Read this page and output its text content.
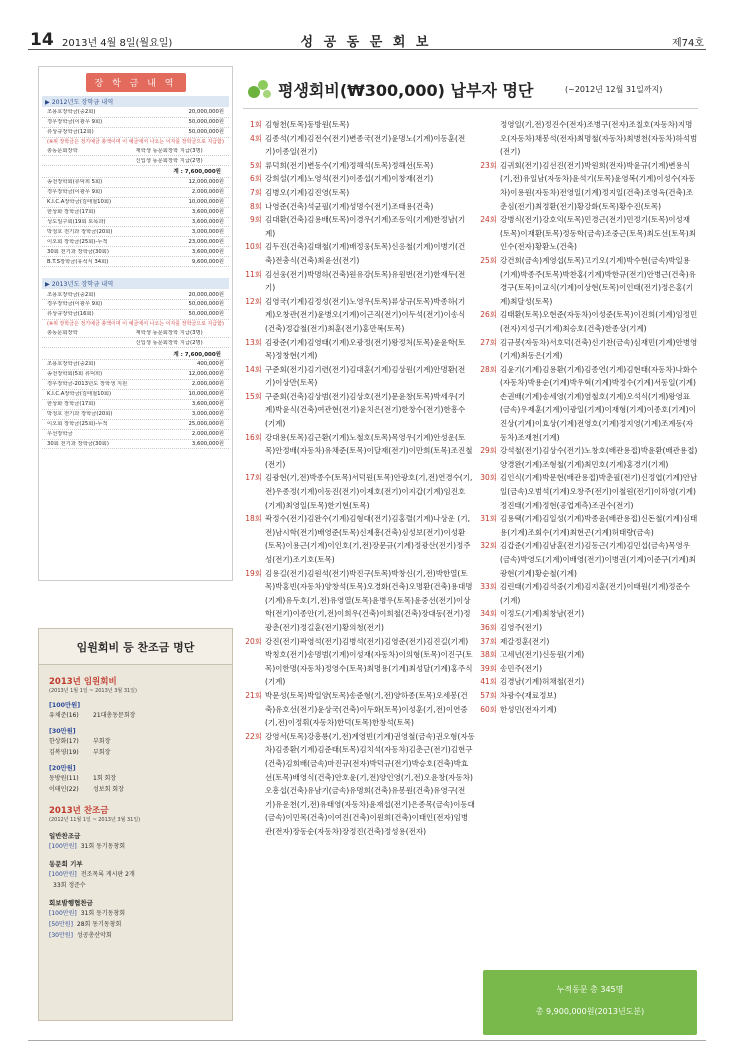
14 2013년 4월 8일(월요일)	성 공 동 문 회 보	제74호
장 학 금 내 역
▶ 2012년도 장학금 내역
조용호장학금(중2회)	20,000,000원
경우장학금(이광우 9회)	50,000,000원
류상규장학금(12회)	50,000,000원
(※위 장학금은 정기예금 총액이며 이 예금에서 나오는 이자를 장학금으로 지급함)
총동문회장학	재학생 동문회장학 지급(3명)
신입생 동문회장학 지급(2명)
계 : 7,600,000원
송천장학회(류덕희 5회)	12,000,000원
경우장학금(이광우 9회)	2,000,000원
K.I.C.A장학금(김태철10회)	10,000,000원
한상화 장학금(17회)	3,600,000원
성도일구회(19회 토목과)	3,600,000원
박청호 전기과 장학금(20회)	3,000,000원
이오회 장학금(25회)-누적	23,000,000원
30회 전기과 장학금(30회)	3,600,000원
B.T.S장학금(유석식 34회)	9,600,000원
▶ 2013년도 장학금 내역
조용호장학금(중2회)	20,000,000원
경우장학금(이광우 9회)	50,000,000원
류상규장학금(16회)	50,000,000원
(※위 장학금은 정기예금 총액이며 이 예금에서 나오는 이자를 장학금으로 지급함)
총동문회장학	재학생 동문회장학 지급(3명)
신입생 동문회장학 지급(2명)
계 : 7,600,000원
조용호장학금(중2회)	400,000원
송천장학회(5회 류덕희)	12,000,000원
경우장학금-2013년도 장학생 지원	2,000,000원
K.I.C.A장학금(김태철10회)	10,000,000원
한상화 장학금(17회)	3,600,000원
박청호 전기과 장학금(20회)	3,000,000원
이오회 장학금(25회)-누적	25,000,000원
우선장학금	2,000,000원
30회 전기과 장학금(30회)	3,600,000원
임원회비 등 찬조금 명단
2013년 임원회비
(2013년 1월 1일 ~ 2013년 3월 31일)
[100만원]
유채준(16)	21대총동문회장
[30만원]
한상화(17)	부회장
김복영(19)	부회장
[20만원]
동방원(11)	1회 회장
이태인(22)	성보회 회장
2013년 찬조금
(2012년 11월 1일 ~ 2013년 3월 31일)
일반찬조금
[100만원] 31회 동기동창회
동문회 기부
[100만원] 전조목록 게시판 2개
33회 정준수
회보발행협찬금
[100만원] 31회 동기동창회
[50만원] 28회 동기동창회
[30만원] 성공총산악회
평생회비(₩300,000) 납부자 명단	(~2012년 12월 31일까지)
1회 김형천(토목)동방원(토목)
4회 김종석(기계)김전수(전기)변종국(전기)윤명노(기계)이동훈(전기)이종일(전기)
5회 류덕희(전기)변동수(기계)정해석(토목)정해선(토목)
6회 강희설(기계)노영석(전기)이종섭(기계)이창재(전기)
7회 김병오(기계)김진영(토목)
8회 나영준(건축)석균필(기계)성명수(전기)조태용(건축)
9회 김대환(건축)김용배(토목)이경우(기계)조동익(기계)한정남(기계)
10회 김두진(건축)김태철(기계)배정웅(토목)신응철(기계)이병기(건축)전충식(건축)최윤선(전기)
11회 김선웅(전기)박명하(건축)원유강(토목)유원번(전기)한재두(전기)
12회 김영국(기계)김정성(전기)노영우(토목)류상규(토목)박종하(기계)오창관(전기)윤병오(기계)이근직(전기)이두석(전기)이송식(건축)정갑철(전기)최훈(전기)홍만복(토목)
13회 김광준(기계)김영태(기계)오광정(전기)왕정처(토목)윤윤학(토목)정창현(기계)
14회 구준회(전기)김기련(전기)김대훈(기계)김상원(기계)안명환(전기)이상만(토목)
15회 구준회(건축)김상범(전기)김상호(전기)문윤창(토목)박세우(기계)박윤식(건축)여관현(전기)윤치은(전기)한창수(전기)한흥수(기계)
16회 강대용(토목)김근환(기계)노철호(토목)목영우(기계)안성운(토목)안정배(자동차)유채준(토목)이달재(전기)이만희(토목)조진철(전기)
17회 김광현(기,전)박종수(토목)서덕원(토목)안광호(기,전)연경수(기,전)우종정(기계)이동진(전기)이제호(전기)이지갑(기계)임진호(기계)최영일(토목)한기현(토목)
18회 곽정수(전기)김완수(기계)김형대(전기)김홍렬(기계)나상운 (기,전)남시학(전기)배영준(토목)신제흥(건축)심성보(전기)이성환(토목)이용근(기계)이인호(기,전)장문규(기계)정광산(전기)정주성(전기)조기호(토목)
19회 김용길(전기)김원석(전기)박진구(토목)박창신(기,전)박한열(토목)박홍빈(자동차)양창석(토목)오경화(건축)오명환(건축)용대명(기계)유두호(기,전)유영열(토목)윤병우(토목)윤중선(전기)이상학(전기)이종안(기,전)이희우(건축)이희철(건축)장대동(전기)정광춘(전기)정길훈(전기)황의청(전기)
20회 강진(전기)곽영석(전기)김병석(전기)김영준(전기)김진길(기계)박칭호(전기)송명범(기계)이성재(자동차)이의형(토목)이진구(토목)이한명(자동차)정영수(토목)최명용(기계)최성달(기계)홍주식(기계)
21회 박문성(토목)박일양(토목)송준형(기,전)양하종(토목)오세봉(건축)유호선(전기)윤상국(건축)이두화(토목)이성훈(기,전)이연중(기,전)이정휘(자동차)한덕(토목)한창석(토목)
22회 강영서(토목)강흥룡(기,전)계영빈(기계)권영철(금속)권오형(자동차)김종환(기계)김준태(토목)김치석(자동차)김춘근(전기)김현구(건축)김희배(금속)마진규(전자)박덕규(전기)박승호(건축)박효선(토목)배영식(건축)안호윤(기,전)양인영(기,전)오윤창(자동차)오흥섭(건축)유남기(금속)유명희(건축)유봉원(건축)유영구(전기)유운천(기,전)유태영(자동차)윤재섭(전기)은종목(금속)이동대(금속)이민목(건축)이여진(건축)이원희(건축)이태인(전자)임병관(전자)장동순(자동차)장정진(건축)정성용(전자)
정영일(기,전)정진수(전자)조병구(전자)조칠호(자동차)지명오(자동차)채봉석(전자)최명철(자동차)최병천(자동차)하석범(전기)
23회 김귀회(전기)김선진(전기)박원희(전자)박윤규(기계)변용식(기,전)유일남(자동차)윤석기(토목)윤영복(기계)이성수(자동차)이용원(자동차)전영일(기계)정지일(건축)조영옥(건축)조춘심(전기)최정환(전기)황강화(토목)황수진(토목)
24회 강병식(전기)강호익(토목)민경근(전기)민정기(토목)이성재(토목)이재환(토목)정동학(금속)조중근(토목)최도선(토목)최인수(전자)황환노(건축)
25회 강건희(금속)계영섭(토목)고기오(기계)박수현(금속)박일용(기계)박종주(토목)박찬홍(기계)박한규(전기)안병근(건축)유경구(토목)이교식(기계)이상현(토목)이인태(전기)정은홍(기계)최달성(토목)
26회 김태환(토목)오현준(자동차)이성준(토목)이진희(기계)임정민(전자)지성구(기계)최승호(건축)한종상(기계)
27회 김규봉(자동차)서호덕(건축)신기찬(금속)심재민(기계)안병영(기계)최동은(기계)
28회 김윤기(기계)김용환(기계)김종연(기계)김현태(자동차)나화수(자동차)박용순(기계)박우혁(기계)박정수(기계)서동일(기계)손권배(기계)송세영(기계)염철호(기계)오석식(기계)왕영표(금속)우제훈(기계)이광일(기계)이재형(기계)이종호(기계)이진상(기계)이효상(기계)전영호(기계)정지영(기계)조계동(자동차)조재천(기계)
29회 강석철(전기)김상수(전기)노창호(배관용접)박윤환(배관용접)양경완(기계)조형철(기계)최민호(기계)홍경기(기계)
30회 김인식(기계)박문현(배관용접)박춘필(전기)신정엽(기계)안남일(금속)오범석(기계)오창주(전기)이철원(전기)이하영(기계)정진태(기계)정현(공업계측)조권수(전기)
31회 김용택(기계)김일성(기계)박종윤(배관용접)신돈철(기계)심태용(기계)조회수(기계)최현곤(기계)허태량(금속)
32회 김갑준(기계)김남훈(전기)김동근(기계)김민섭(금속)목영우(금속)박영도(기계)이배영(전기)이병권(기계)이준구(기계)최광현(기계)황순철(기계)
33회 김린태(기계)김석중(기계)김지훈(전기)이태원(기계)정준수(기계)
34회 이정도(기계)최창남(전기)
36회 김영주(전기)
37회 제갈정훈(전기)
38회 고세년(전기)신동원(기계)
39회 송민주(전기)
41회 김경남(기계)허채철(전기)
57회 차광수(재료정보)
60회 한성민(전자기계)
누적동문 총 345명
총 9,900,000원(2013년도분)
